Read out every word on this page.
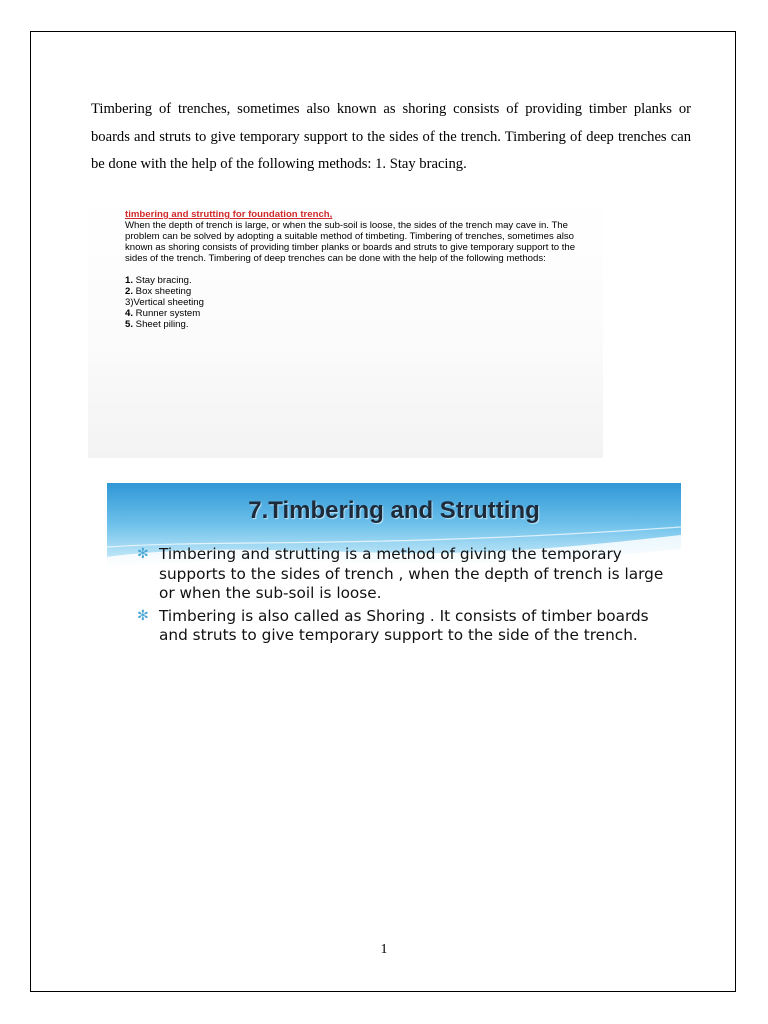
Timbering of trenches, sometimes also known as shoring consists of providing timber planks or boards and struts to give temporary support to the sides of the trench. Timbering of deep trenches can be done with the help of the following methods: 1. Stay bracing.

timbering and strutting for foundation trench,

When the depth of trench is large, or when the sub-soil is loose, the sides of the trench may cave in. The problem can be solved by adopting a suitable method of timbeting. Timbering of trenches, sometimes also known as shoring consists of providing timber planks or boards and struts to give temporary support to the sides of the trench. Timbering of deep trenches can be done with the help of the following methods:

1. Stay bracing.
2. Box sheeting
3)Vertical sheeting
4. Runner system
5. Sheet piling.
7.Timbering and Strutting
✻ Timbering and strutting is a method of giving the temporary supports to the sides of trench , when the depth of trench is large or when the sub-soil is loose.
✻ Timbering is also called as Shoring . It consists of timber boards and struts to give temporary support to the side of the trench.
1
